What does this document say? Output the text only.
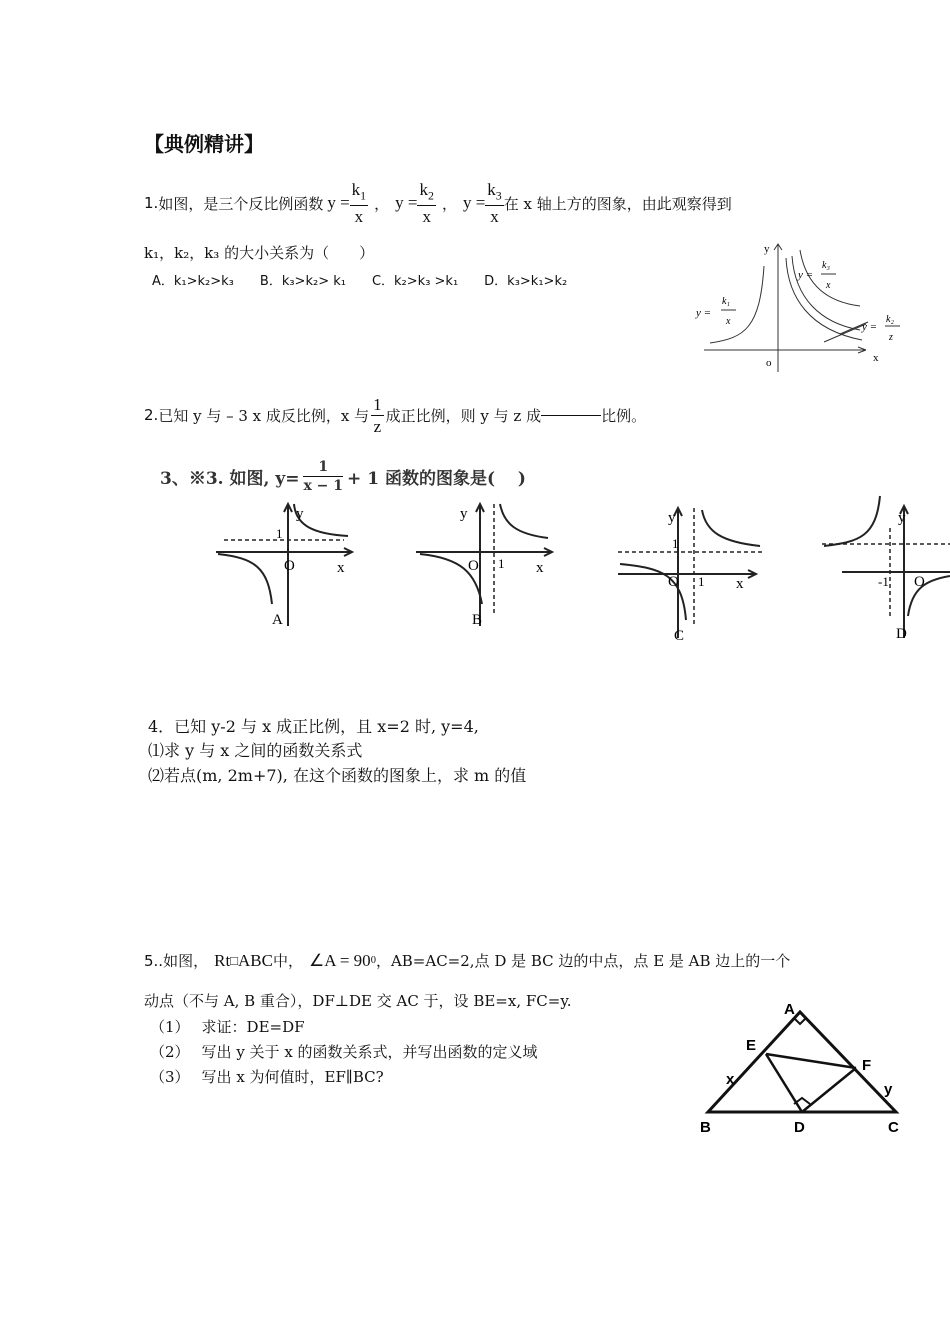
【典例精讲】
1. 如图，是三个反比例函数 $y = \frac{k_1}{x}$ ， $y = \frac{k_2}{x}$ ， $y = \frac{k_3}{x}$ 在 x 轴上方的图象，由此观察得到
k₁，k₂，k₃ 的大小关系为（　　）
A．k₁>k₂>k₃　　B．k₃>k₂> k₁　　C．k₂>k₃ >k₁　　D．k₃>k₁>k₂
y
x
o
y =
k₁
x
y =
k₃
x
y =
k₂
z
2. 已知 y 与 – 3 x 成反比例，x 与 $\frac{1}{z}$ 成正比例，则 y 与 z 成	比例。
3、※3. 如图, $y= \frac{1}{x - 1} + 1$ 函数的图象是(　 )
y
x
O
1
A
y
x
O 1
B
y
x
O
1
1
C
y
-1 O
D
4．已知 y-2 与 x 成正比例，且 x=2 时, y=4,
⑴求 y 与 x 之间的函数关系式
⑵若点(m, 2m+7), 在这个函数的图象上，求 m 的值
5.. 如图， Rt □ ABC 中， ∠A = 90 0 ，AB=AC=2,点 D 是 BC 边的中点，点 E 是 AB 边上的一个
动点（不与 A, B 重合），DF⊥DE 交 AC 于，设 BE=x, FC=y.
（1） 求证：DE=DF
（2） 写出 y 关于 x 的函数关系式，并写出函数的定义域
（3） 写出 x 为何值时，EF∥BC?
A
E
F
x
y
B	D	C
